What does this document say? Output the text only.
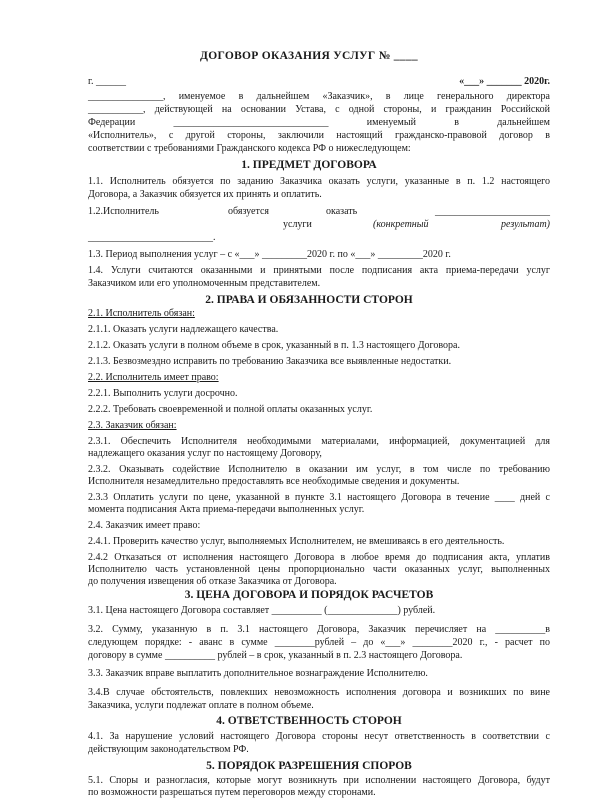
ДОГОВОР ОКАЗАНИЯ УСЛУГ № ____
г. ______	«___» _______ 2020г.
_______________, именуемое в дальнейшем «Заказчик», в лице генерального директора
___________, действующей на основании Устава, с одной стороны, и гражданин Российской
Федерации _______________________________ именуемый в дальнейшем
«Исполнитель», с другой стороны, заключили настоящий гражданско-правовой договор в
соответствии с требованиями Гражданского кодекса РФ о нижеследующем:
1. ПРЕДМЕТ ДОГОВОРА
1.1. Исполнитель обязуется по заданию Заказчика оказать услуги, указанные в п. 1.2 настоящего
Договора, а Заказчик обязуется их принять и оплатить.
1.2.Исполнитель	обязуется	оказать	_______________________
услуги	(конкретный	результат)
_________________________.
1.3. Период выполнения услуг – с «___» _________2020 г. по «___» _________2020 г.
1.4. Услуги считаются оказанными и принятыми после подписания акта приема-передачи услуг
Заказчиком или его уполномоченным представителем.
2. ПРАВА И ОБЯЗАННОСТИ СТОРОН
2.1. Исполнитель обязан:
2.1.1. Оказать услуги надлежащего качества.
2.1.2. Оказать услуги в полном объеме в срок, указанный в п. 1.3 настоящего Договора.
2.1.3. Безвозмездно исправить по требованию Заказчика все выявленные недостатки.
2.2. Исполнитель имеет право:
2.2.1. Выполнить услуги досрочно.
2.2.2. Требовать своевременной и полной оплаты оказанных услуг.
2.3. Заказчик обязан:
2.3.1. Обеспечить Исполнителя необходимыми материалами, информацией, документацией для
надлежащего оказания услуг по настоящему Договору,
2.3.2. Оказывать содействие Исполнителю в оказании им услуг, в том числе по требованию
Исполнителя незамедлительно предоставлять все необходимые сведения и документы.
2.3.3 Оплатить услуги по цене, указанной в пункте 3.1 настоящего Договора в течение ____ дней с
момента подписания Акта приема-передачи выполненных услуг.
2.4. Заказчик имеет право:
2.4.1. Проверить качество услуг, выполняемых Исполнителем, не вмешиваясь в его деятельность.
2.4.2 Отказаться от исполнения настоящего Договора в любое время до подписания акта, уплатив
Исполнителю часть установленной цены пропорционально части оказанных услуг, выполненных
до получения извещения об отказе Заказчика от Договора.
3. ЦЕНА ДОГОВОРА И ПОРЯДОК РАСЧЕТОВ
3.1. Цена настоящего Договора составляет __________ (______________) рублей.
3.2. Сумму, указанную в п. 3.1 настоящего Договора, Заказчик перечисляет на __________в
следующем порядке: - аванс в сумме ________рублей – до «___» ________2020 г., - расчет по
договору в сумме __________ рублей – в срок, указанный в п. 2.3 настоящего Договора.
3.3. Заказчик вправе выплатить дополнительное вознаграждение Исполнителю.
3.4.В случае обстоятельств, повлекших невозможность исполнения договора и возникших по вине
Заказчика, услуги подлежат оплате в полном объеме.
4. ОТВЕТСТВЕННОСТЬ СТОРОН
4.1. За нарушение условий настоящего Договора стороны несут ответственность в соответствии с
действующим законодательством РФ.
5. ПОРЯДОК РАЗРЕШЕНИЯ СПОРОВ
5.1. Споры и разногласия, которые могут возникнуть при исполнении настоящего Договора, будут
по возможности разрешаться путем переговоров между сторонами.
